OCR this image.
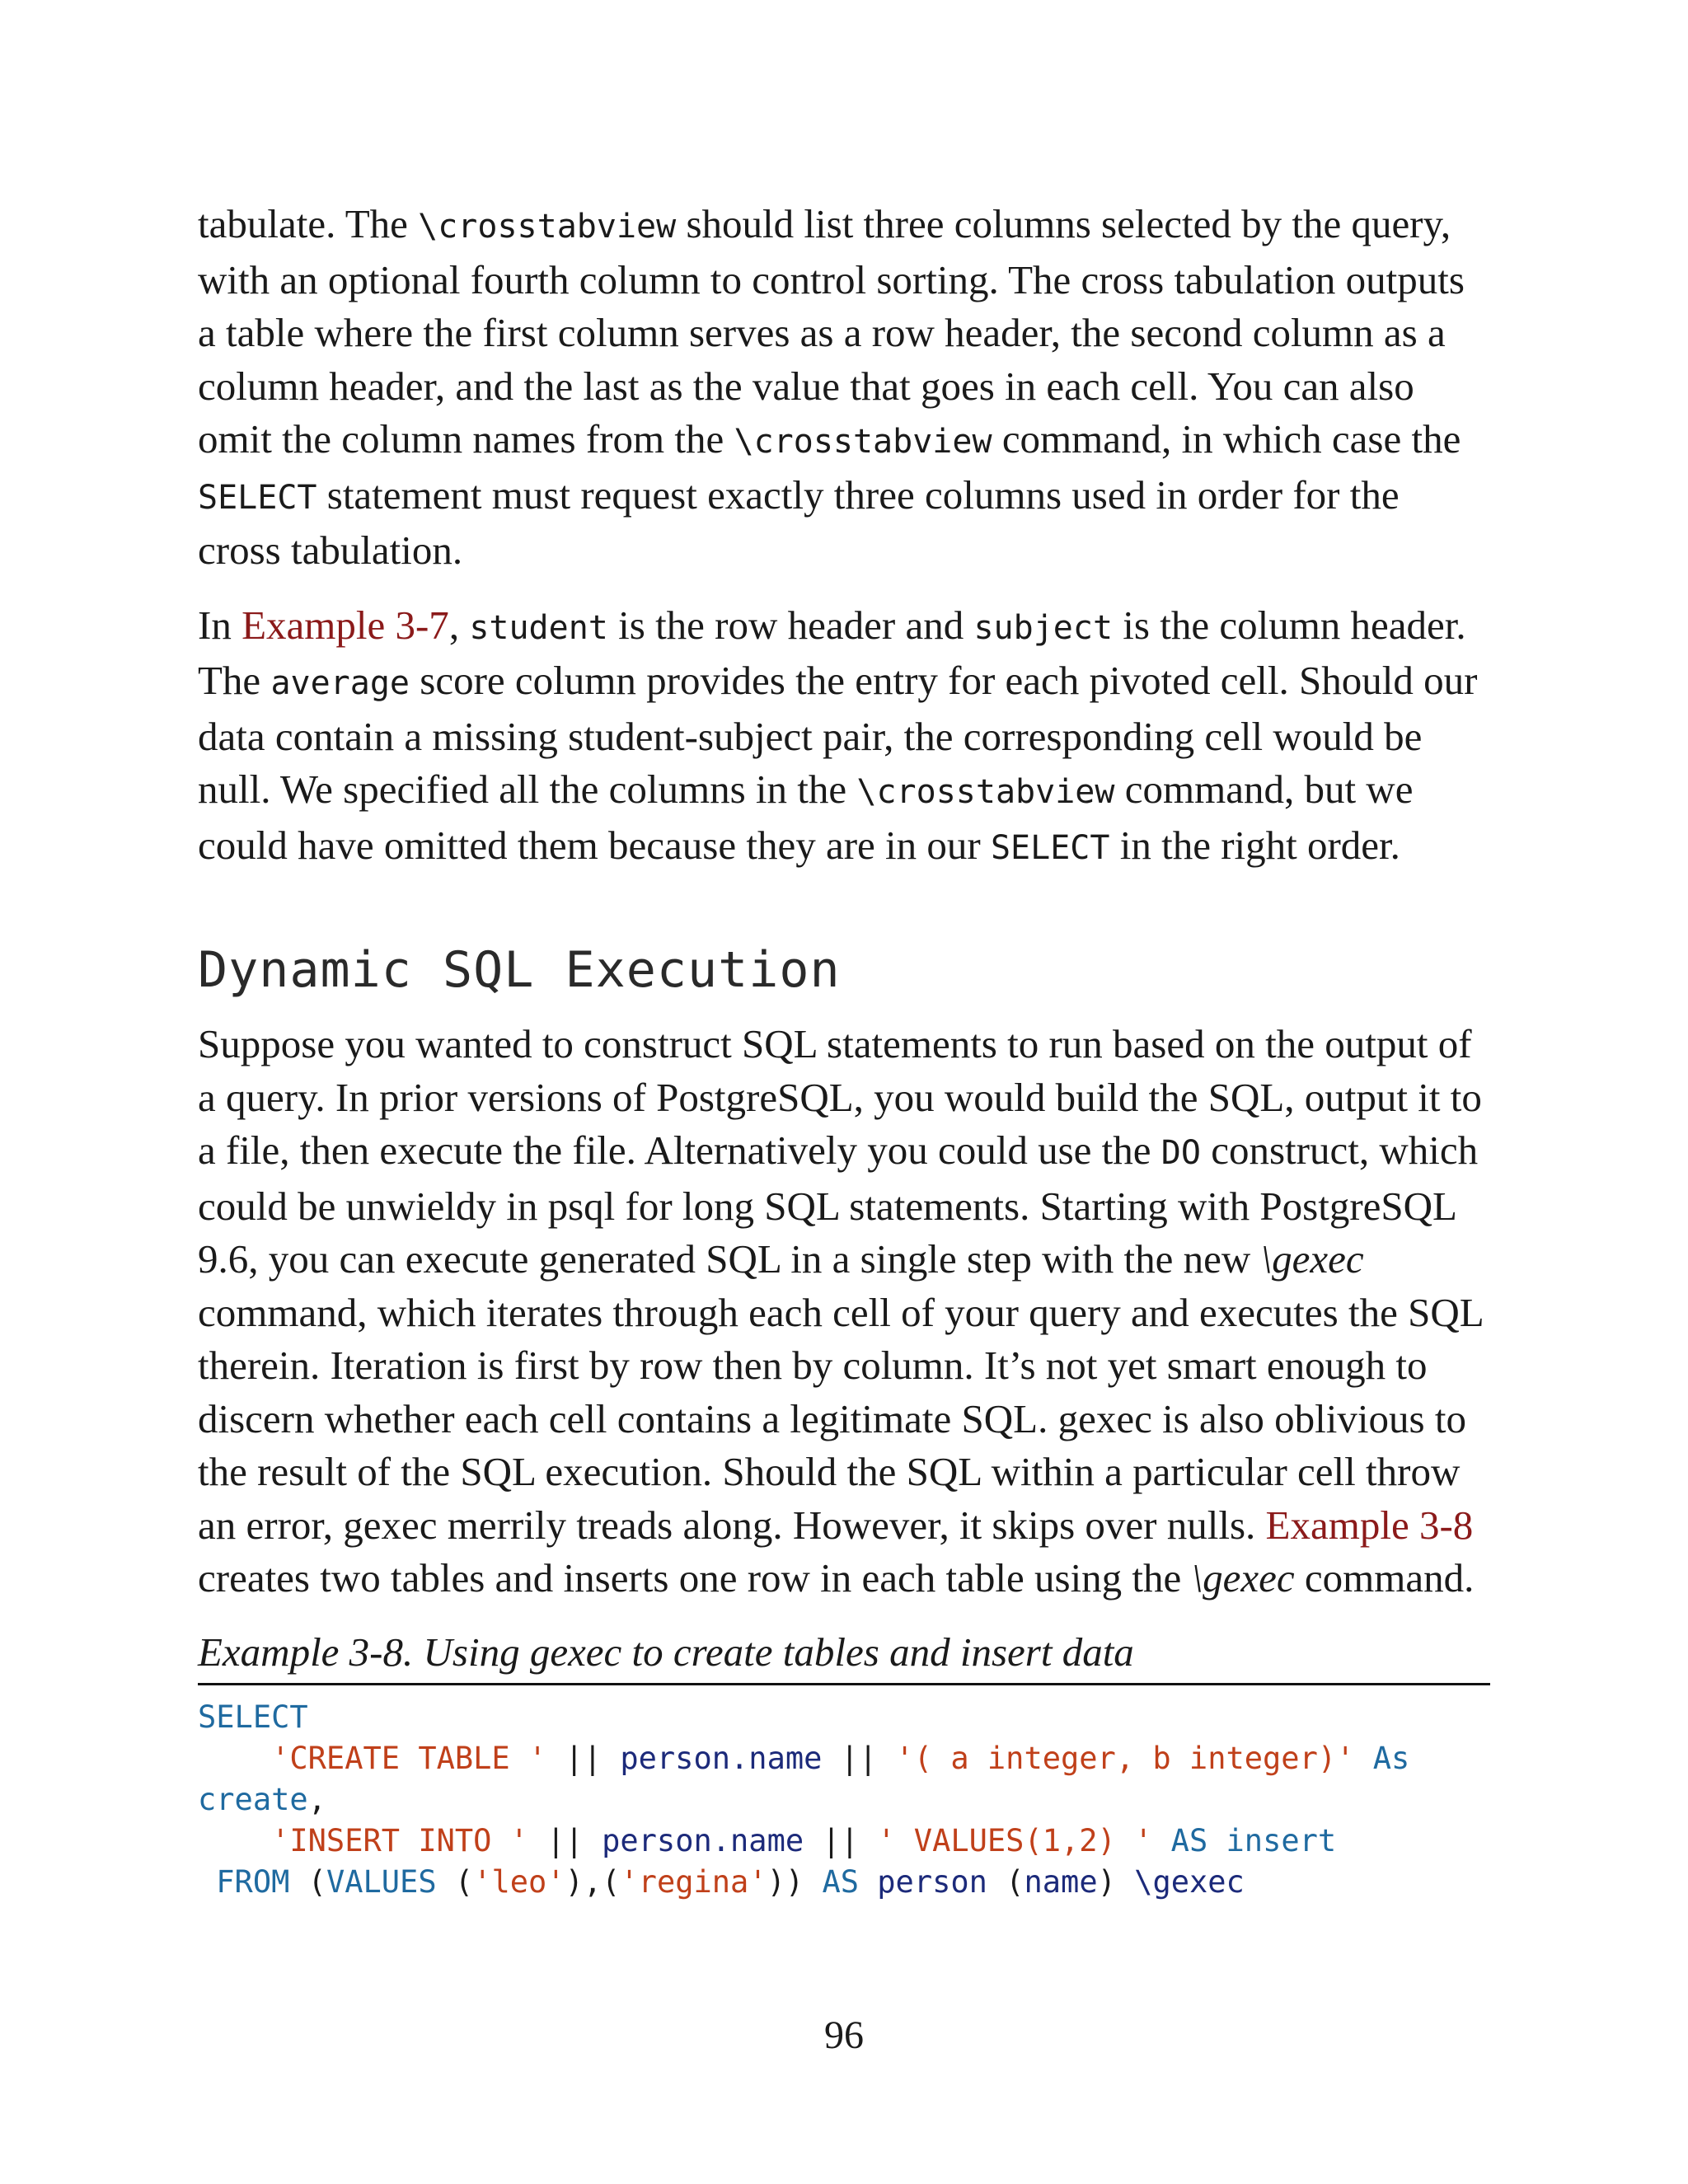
tabulate. The \crosstabview should list three columns selected by the query, with an optional fourth column to control sorting. The cross tabulation outputs a table where the first column serves as a row header, the second column as a column header, and the last as the value that goes in each cell. You can also omit the column names from the \crosstabview command, in which case the SELECT statement must request exactly three columns used in order for the cross tabulation.

In Example 3-7, student is the row header and subject is the column header. The average score column provides the entry for each pivoted cell. Should our data contain a missing student-subject pair, the corresponding cell would be null. We specified all the columns in the \crosstabview command, but we could have omitted them because they are in our SELECT in the right order.

Dynamic SQL Execution

Suppose you wanted to construct SQL statements to run based on the output of a query. In prior versions of PostgreSQL, you would build the SQL, output it to a file, then execute the file. Alternatively you could use the DO construct, which could be unwieldy in psql for long SQL statements. Starting with PostgreSQL 9.6, you can execute generated SQL in a single step with the new \gexec command, which iterates through each cell of your query and executes the SQL therein. Iteration is first by row then by column. It’s not yet smart enough to discern whether each cell contains a legitimate SQL. gexec is also oblivious to the result of the SQL execution. Should the SQL within a particular cell throw an error, gexec merrily treads along. However, it skips over nulls. Example 3-8 creates two tables and inserts one row in each table using the \gexec command.

Example 3-8. Using gexec to create tables and insert data
SELECT
'CREATE TABLE ' || person.name || '( a integer, b integer)' As
create,
'INSERT INTO ' || person.name || ' VALUES(1,2) ' AS insert
FROM (VALUES ('leo'),('regina')) AS person (name) \gexec
96
